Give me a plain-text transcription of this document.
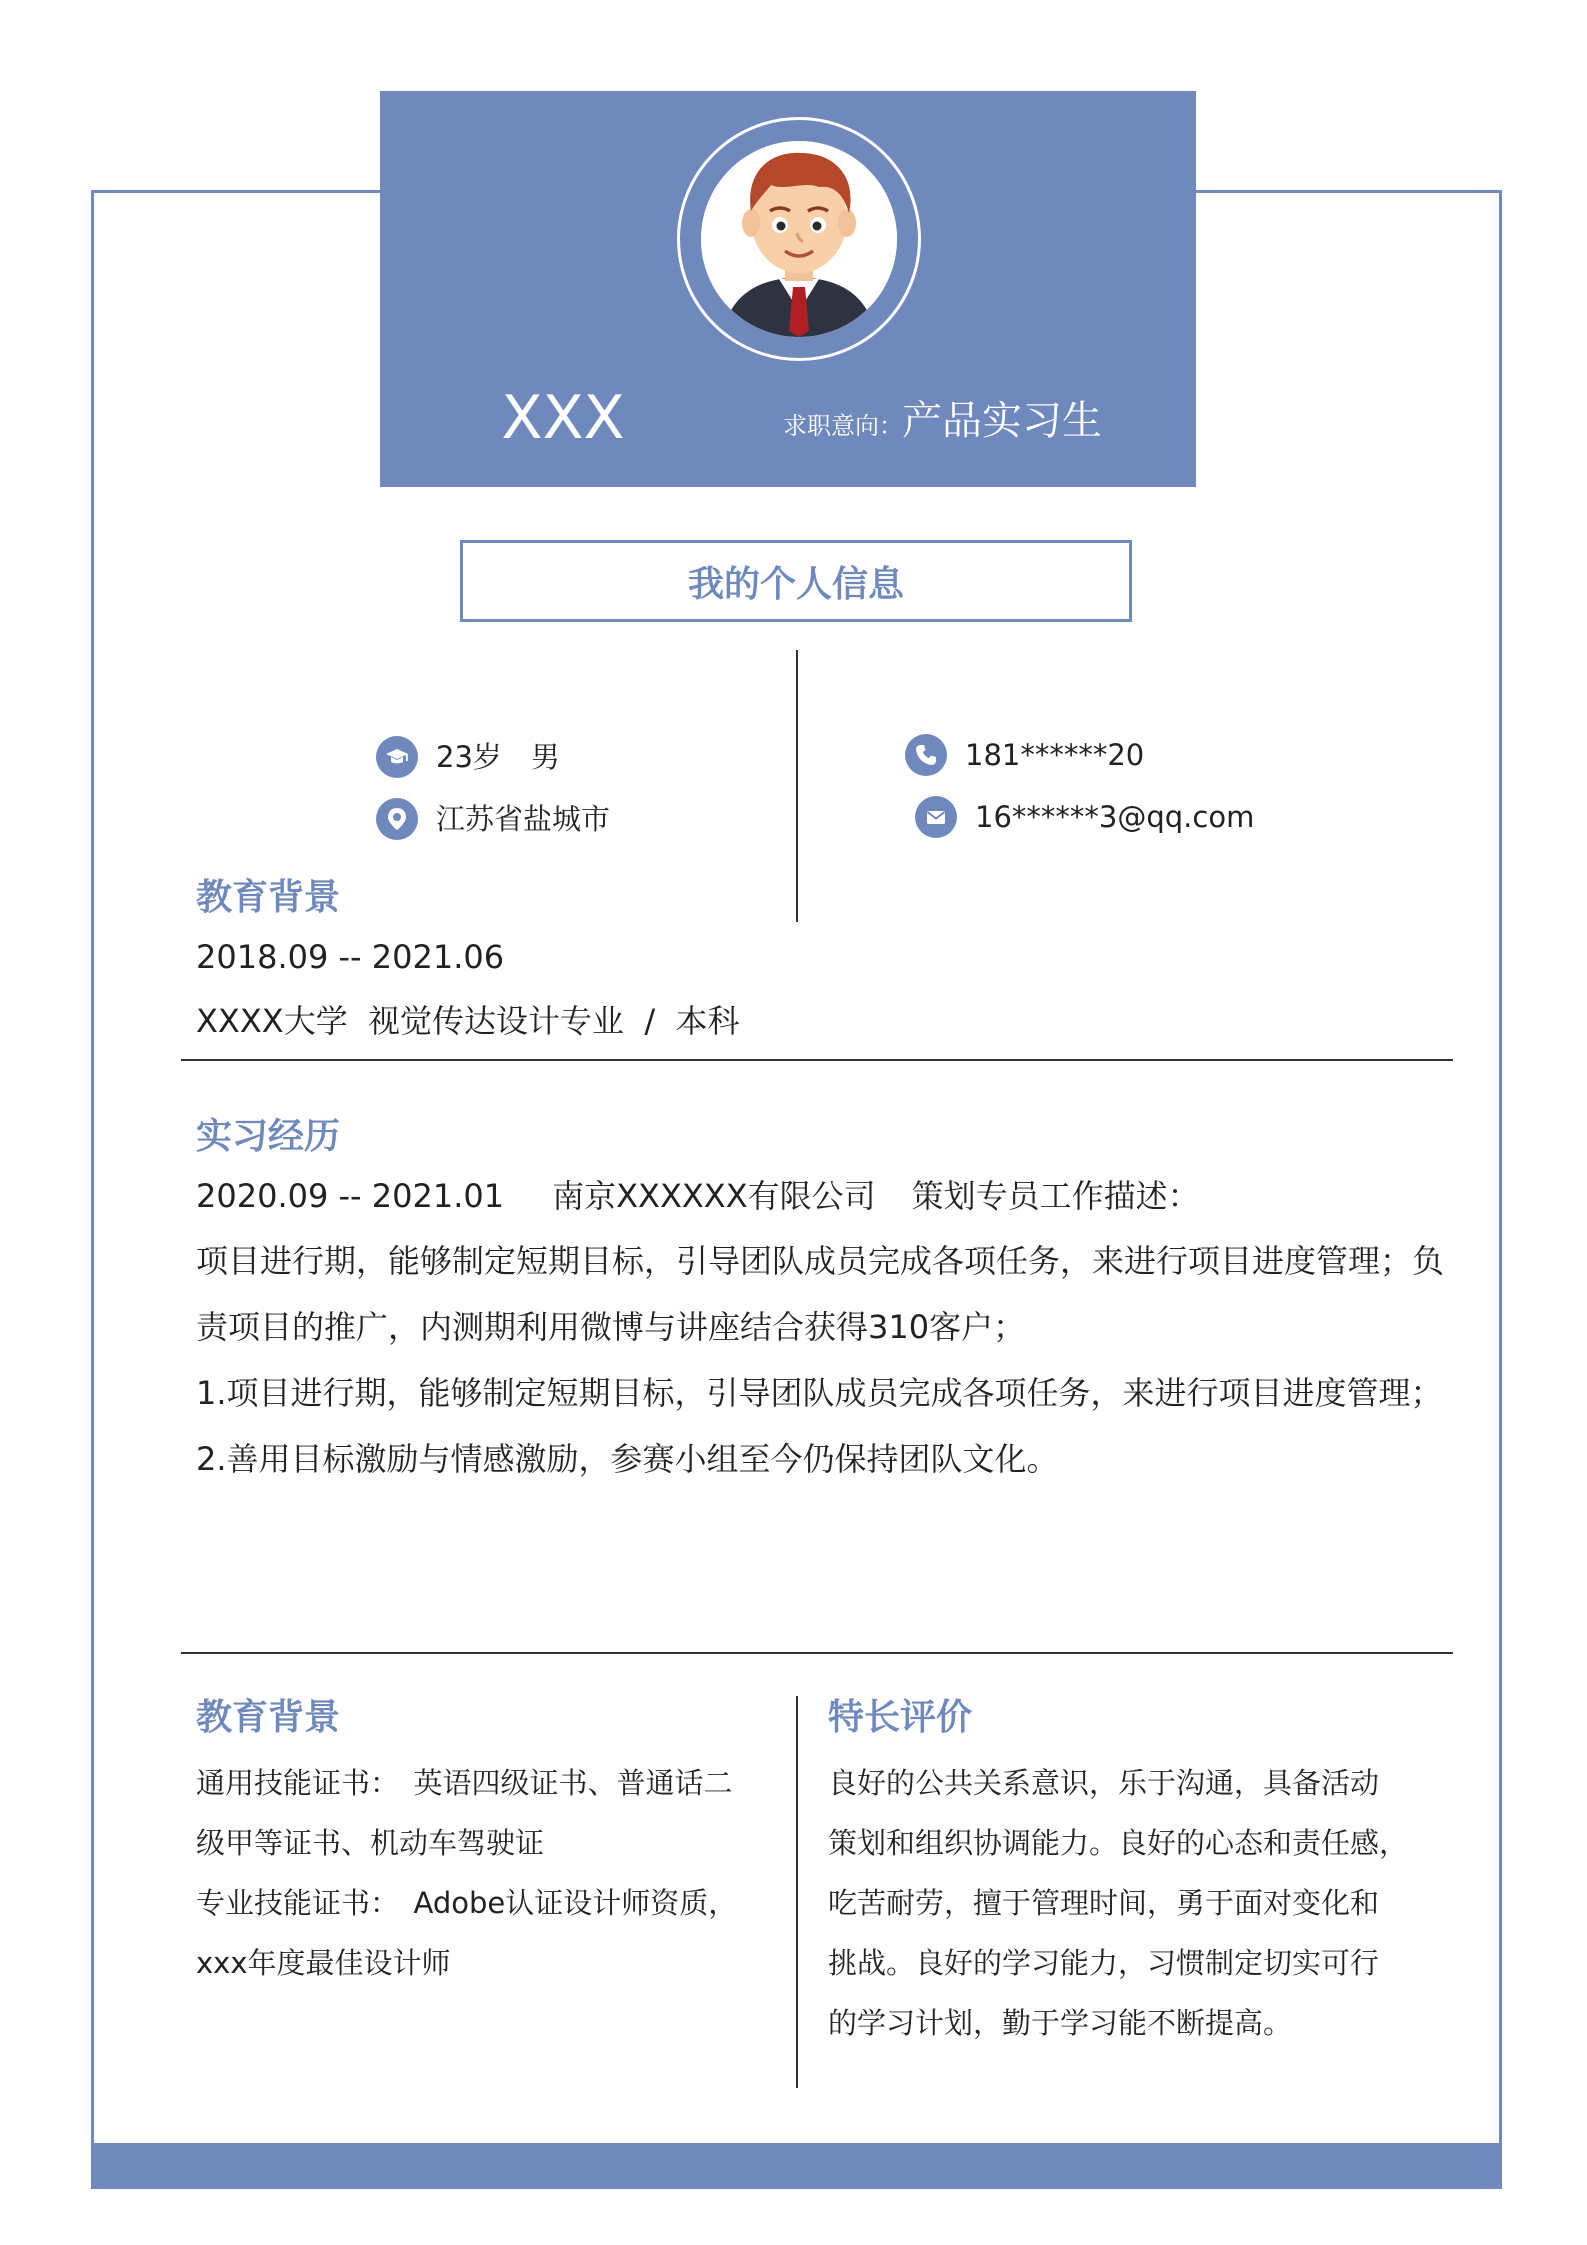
XXX	求职意向： 产品实习生
我的个人信息
23岁　男
江苏省盐城市
181******20
16******3@qq.com
教育背景
2018.09 -- 2021.06
XXXX大学  视觉传达设计专业  /  本科
实习经历
2020.09 -- 2021.01 南京XXXXXX有限公司 策划专员工作描述：
项目进行期，能够制定短期目标，引导团队成员完成各项任务，来进行项目进度管理；负
责项目的推广，内测期利用微博与讲座结合获得310客户；
1.项目进行期，能够制定短期目标，引导团队成员完成各项任务，来进行项目进度管理；
2.善用目标激励与情感激励，参赛小组至今仍保持团队文化。
教育背景
通用技能证书：　英语四级证书、普通话二
级甲等证书、机动车驾驶证
专业技能证书：　Adobe认证设计师资质，
xxx年度最佳设计师
特长评价
良好的公共关系意识，乐于沟通，具备活动
策划和组织协调能力。良好的心态和责任感，
吃苦耐劳，擅于管理时间，勇于面对变化和
挑战。良好的学习能力，习惯制定切实可行
的学习计划，勤于学习能不断提高。
